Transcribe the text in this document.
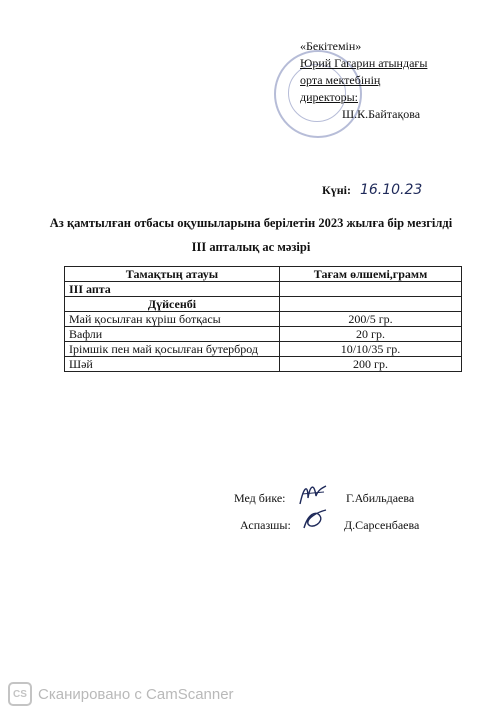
«Бекітемін»
Юрий Гагарин атындағы
орта мектебінің
директоры:
Ш.К.Байтақова
Күні: 16.10.23
Аз қамтылған отбасы оқушыларына берілетін 2023 жылға бір мезгілді
ІІІ апталық ас мәзірі
Тамақтың атауы	Тағам өлшемі,грамм
ІІІ апта	
Дүйсенбі	
Май қосылған күріш ботқасы	200/5 гр.
Вафли	20 гр.
Ірімшік пен май қосылған бутерброд	10/10/35 гр.
Шәй	200 гр.
Мед бике:	Г.Абильдаева
Аспазшы:	Д.Сарсенбаева
CS Сканировано с CamScanner
